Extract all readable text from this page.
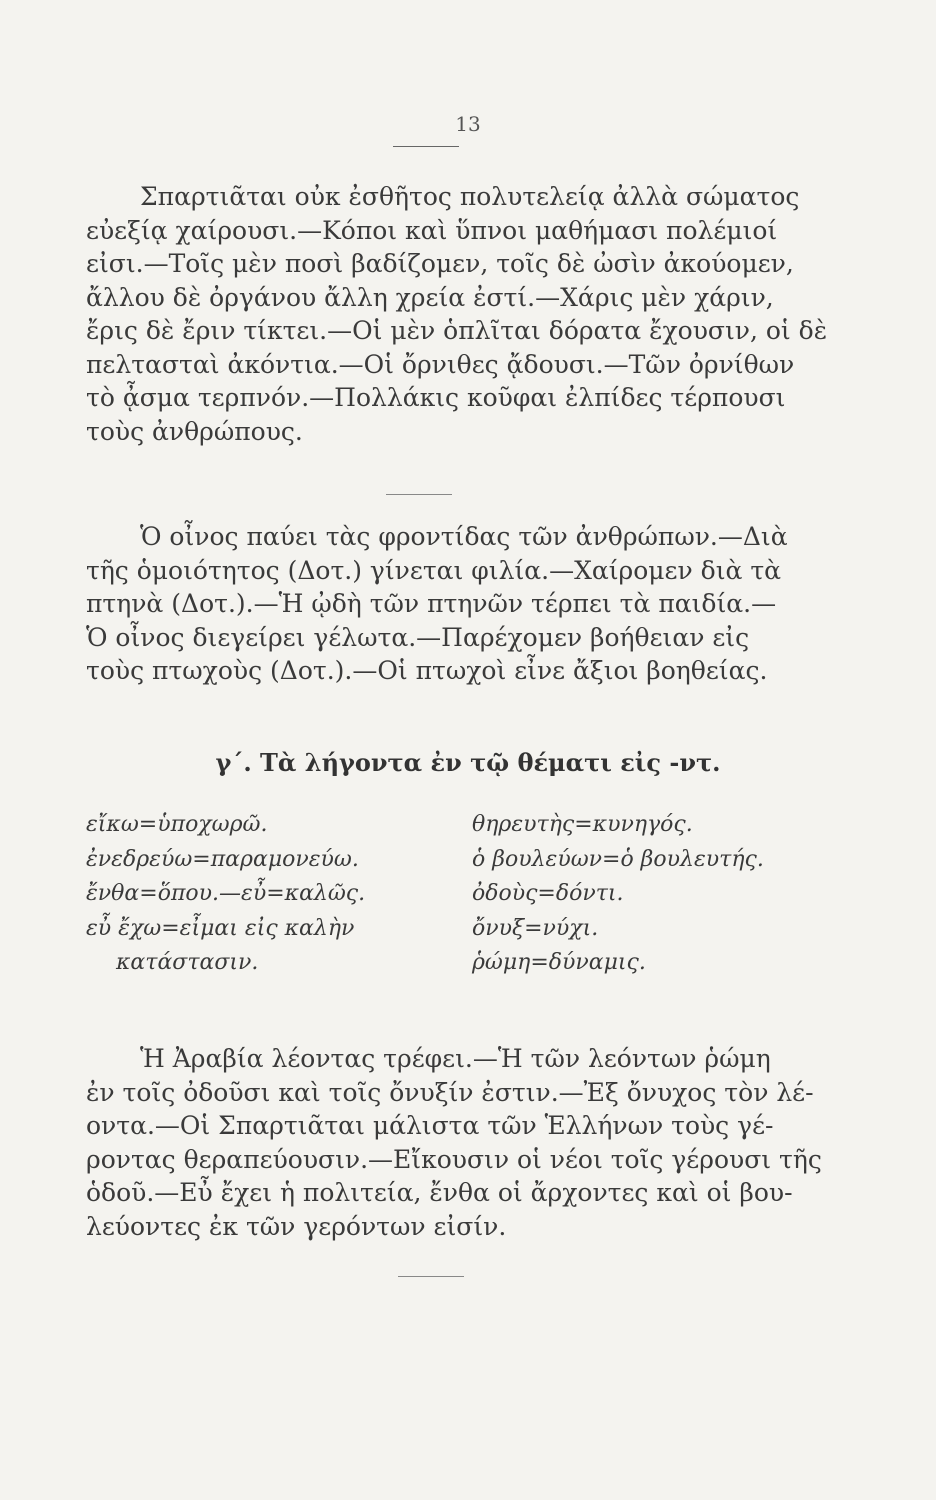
13

Σπαρτιᾶται οὐκ ἐσθῆτος πολυτελείᾳ ἀλλὰ σώματος
εὐεξίᾳ χαίρουσι.—Κόποι καὶ ὕπνοι μαθήμασι πολέμιοί
εἰσι.—Τοῖς μὲν ποσὶ βαδίζομεν, τοῖς δὲ ὠσὶν ἀκούομεν,
ἄλλου δὲ ὀργάνου ἄλλη χρεία ἐστί.—Χάρις μὲν χάριν,
ἔρις δὲ ἔριν τίκτει.—Οἱ μὲν ὁπλῖται δόρατα ἔχουσιν, οἱ δὲ
πελτασταὶ ἀκόντια.—Οἱ ὄρνιθες ᾄδουσι.—Τῶν ὀρνίθων
τὸ ᾆσμα τερπνόν.—Πολλάκις κοῦφαι ἐλπίδες τέρπουσι
τοὺς ἀνθρώπους.

Ὁ οἶνος παύει τὰς φροντίδας τῶν ἀνθρώπων.—Διὰ
τῆς ὁμοιότητος (Δοτ.) γίνεται φιλία.—Χαίρομεν διὰ τὰ
πτηνὰ (Δοτ.).—Ἡ ᾠδὴ τῶν πτηνῶν τέρπει τὰ παιδία.—
Ὁ οἶνος διεγείρει γέλωτα.—Παρέχομεν βοήθειαν εἰς
τοὺς πτωχοὺς (Δοτ.).—Οἱ πτωχοὶ εἶνε ἄξιοι βοηθείας.

γ΄. Τὰ λήγοντα ἐν τῷ θέματι εἰς -ντ.
εἴκω=ὑποχωρῶ.
ἐνεδρεύω=παραμονεύω.
ἔνθα=ὅπου.—εὖ=καλῶς.
εὖ ἔχω=εἶμαι εἰς καλὴν
κατάστασιν.
θηρευτὴς=κυνηγός.
ὁ βουλεύων=ὁ βουλευτής.
ὀδοὺς=δόντι.
ὄνυξ=νύχι.
ῥώμη=δύναμις.

Ἡ Ἀραβία λέοντας τρέφει.—Ἡ τῶν λεόντων ῥώμη
ἐν τοῖς ὀδοῦσι καὶ τοῖς ὄνυξίν ἐστιν.—Ἐξ ὄνυχος τὸν λέ-
οντα.—Οἱ Σπαρτιᾶται μάλιστα τῶν Ἑλλήνων τοὺς γέ-
ροντας θεραπεύουσιν.—Εἴκουσιν οἱ νέοι τοῖς γέρουσι τῆς
ὁδοῦ.—Εὖ ἔχει ἡ πολιτεία, ἔνθα οἱ ἄρχοντες καὶ οἱ βου-
λεύοντες ἐκ τῶν γερόντων εἰσίν.
